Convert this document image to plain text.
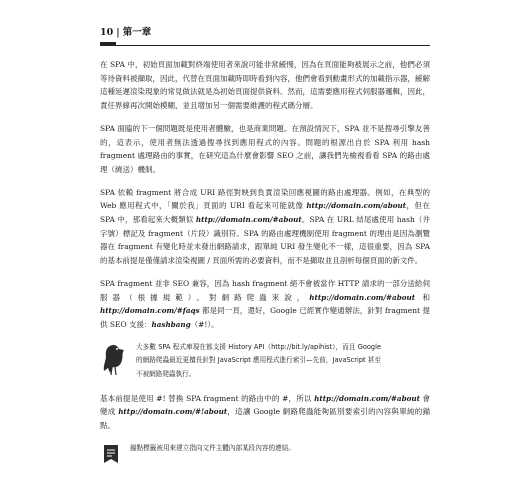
10 | 第一章

在 SPA 中，初始頁面加載對終端使用者來說可能非常緩慢，因為在頁面能夠被展示之前，他們必須等待資料被擷取，因此，代替在頁面加載時即時看到內容，他們會看到動畫形式的加載指示器，緩解這種延遲渲染現象的常見做法就是為初始頁面提供資料。然而，這需要應用程式伺服器邏輯，因此，責任界線再次開始模糊，並且增加另一個需要維護的程式碼分層。

SPA 面臨的下一個問題既是使用者體驗，也是商業問題。在預設情況下，SPA 並不是搜尋引擎友善的，這表示，使用者無法透過搜尋找到應用程式的內容。問題的根源出自於 SPA 利用 hash fragment 處理路由的事實，在研究這為什麼會影響 SEO 之前，讓我們先檢視看看 SPA 的路由處理（繞送）機制。

SPA 依賴 fragment 將合成 URI 路徑對映到負責渲染回應視圖的路由處理器。例如，在典型的 Web 應用程式中，「關於我」頁面的 URI 看起來可能就像 http://domain.com/about，但在 SPA 中，那看起來大概類似 http://domain.com/#about。SPA 在 URL 結尾處使用 hash（井字號）標記及 fragment（片段）識別符。SPA 的路由處理機制使用 fragment 的理由是因為瀏覽器在 fragment 有變化時並未發出網路請求，跟單純 URI 發生變化不一樣，這很重要，因為 SPA 的基本前提是僅僅請求渲染視圖 / 頁面所需的必要資料，而不是擷取並且剖析每個頁面的新文件。

SPA fragment 並非 SEO 兼容，因為 hash fragment 絕不會被當作 HTTP 請求的一部分送給伺服器（根據規範）。對網路爬蟲來說，http://domain.com/#about 和 http://domain.com/#faqs 都是同一頁，還好，Google 已經實作變通辦法，針對 fragment 提供 SEO 支援：hashbang（#!）。

大多數 SPA 程式庫現在都支援 History API（http://bit.ly/apihist），而且 Google 的網路爬蟲最近更擅長針對 JavaScript 應用程式進行索引—先前，JavaScript 甚至不被網路爬蟲執行。

基本前提是使用 #! 替換 SPA fragment 的路由中的 #，所以 http://domain.com/#about 會變成 http://domain.com/#!about，這讓 Google 網路爬蟲能夠區別要索引的內容與單純的錨點。

錨點標籤被用來建立指向文件主體內部某段內容的連結。
